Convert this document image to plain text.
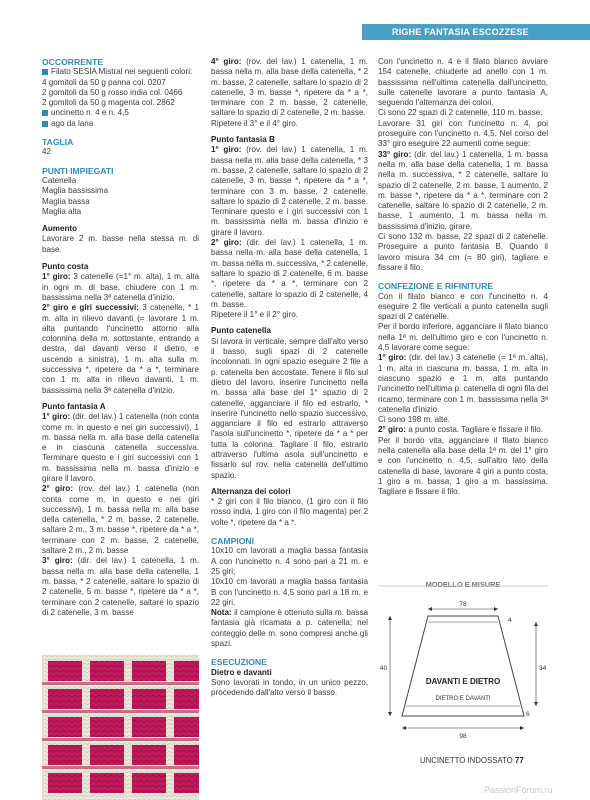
RIGHE FANTASIA ESCOZZESE
OCCORRENTE

Filato SESIA Mistral nei seguenti colori:

4 gomitoli da 50 g panna col. 0207

2 gomitoli da 50 g rosso india col. 0466

2 gomitoli da 50 g magenta col. 2862

uncinetto n. 4 e n. 4,5

ago da lana

TAGLIA

42

PUNTI IMPIEGATI

Catenella

Maglia bassissima

Maglia bassa

Maglia alta

Aumento

Lavorare 2 m. basse nella stessa m. di base.

Punto costa

1° giro: 3 catenelle (=1° m. alta), 1 m. alta in ogni m. di base, chiudere con 1 m. bassissima nella 3ª catenella d'inizio.

2° giro e giri successivi: 3 catenelle, * 1 m. alta in rilievo davanti (= lavorare 1 m. alta puntando l'uncinetto attorno alla colonnina della m. sottostante, entrando a destra, dal davanti verso il dietro, e uscendo a sinistra), 1 m. alta sulla m. successiva *, ripetere da * a *, terminare con 1 m. alta in rilievo davanti, 1 m. bassissima nella 3ª catenella d'inizio.

Punto fantasia A

1° giro: (dir. del lav.) 1 catenella (non conta come m. in questo e nei giri successivi), 1 m. bassa nella m. alla base della catenella e in ciascuna catenella successiva. Terminare questo e i giri successivi con 1 m. bassissima nella m. bassa d'inizio e girare il lavoro.

2° giro: (rov. del lav.) 1 catenella (non conta come m. in questo e nei giri successivi), 1 m. bassa nella m. alla base della catenella, * 2 m. basse, 2 catenelle, saltare 2 m., 3 m. basse *, ripetere da * a *, terminare con 2 m. basse, 2 catenelle, saltare 2 m., 2 m. basse

3° giro: (dir. del lav.) 1 catenella, 1 m. bassa nella m. alla base della catenella, 1 m. bassa, * 2 catenelle, saltare lo spazio di 2 catenelle, 5 m. basse *, ripetere da * a *, terminare con 2 catenelle, saltare lo spazio di 2 catenelle, 3 m. basse

4° giro: (rov. del lav.) 1 catenella, 1 m. bassa nella m. alla base della catenella, * 2 m. basse, 2 catenelle, saltare lo spazio di 2 catenelle, 3 m. basse *, ripetere da * a *, terminare con 2 m. basse, 2 catenelle, saltare lo spazio di 2 catenelle, 2 m. basse.

Ripetere il 3° e il 4° giro.

Punto fantasia B

1° giro: (rov. del lav.) 1 catenella, 1 m. bassa nella m. alla base della catenella, * 3 m. basse, 2 catenelle, saltare lo spazio di 2 catenelle, 3 m. basse *, ripetere da * a *, terminare con 3 m. basse, 2 catenelle, saltare lo spazio di 2 catenelle, 2 m. basse. Terminare questo e i giri successivi con 1 m. bassissima nella m. bassa d'inizio e girare il lavoro.

2° giro: (dir. del lav.) 1 catenella, 1 m. bassa nella m. alla base della catenella, 1 m. bassa nella m. successiva, * 2 catenelle, saltare lo spazio di 2 catenelle, 6 m. basse *, ripetere da * a *, terminare con 2 catenelle, saltare lo spazio di 2 catenelle, 4 m. basse.

Ripetere il 1° e il 2° giro.

Punto catenella

Si lavora in verticale, sempre dall'alto verso il basso, sugli spazi di 2 catenelle incolonnati. In ogni spazio eseguire 2 file a p. catenella ben accostate. Tenere il filo sul dietro del lavoro, inserire l'uncinetto nella m. bassa alla base del 1° spazio di 2 catenelle, agganciare il filo ed estrarlo, * inserire l'uncinetto nello spazio successivo, agganciare il filo ed estrarlo attraverso l'asola sull'uncinetto *, ripetere da * a * per tutta la colonna. Tagliare il filo, estrarlo attraverso l'ultima asola sull'uncinetto e fissarlo sul rov. nella catenella dell'ultimo spazio.

Alternanza dei colori

* 2 giri con il filo bianco, (1 giro con il filo rosso india, 1 giro con il filo magenta) per 2 volte *, ripetere da * a *.

CAMPIONI

10x10 cm lavorati a maglia bassa fantasia A con l'uncinetto n. 4 sono pari a 21 m. e 25 giri;

10x10 cm lavorati a maglia bassa fantasia B con l'uncinetto n. 4,5 sono pari a 18 m. e 22 giri.

Nota: il campione è ottenuto sulla m. bassa fantasia già ricamata a p. catenella; nel conteggio delle m. sono compresi anche gli spazi.

ESECUZIONE
Dietro e davanti

Sono lavorati in tondo, in un unico pezzo, procedendo dall'alto verso il basso.

Con l'uncinetto n. 4 e il filato bianco avviare 154 catenelle, chiuderle ad anello con 1 m. bassissima nell'ultima catenella dall'uncinetto, sulle catenelle lavorare a punto fantasia A, seguendo l'alternanza dei colori.

Ci sono 22 spazi di 2 catenelle, 110 m. basse.

Lavorare 31 giri con l'uncinetto n. 4, poi proseguire con l'uncinetto n. 4,5. Nel corso del 33° giro eseguire 22 aumenti come segue:

33° giro: (dir. del lav.) 1 catenella, 1 m. bassa nella m. alla base della catenella, 1 m. bassa nella m. successiva, * 2 catenelle, saltare lo spazio di 2 catenelle, 2 m. basse, 1 aumento, 2 m. basse *, ripetere da * a *, terminare con 2 catenelle, saltare lo spazio di 2 catenelle, 2 m. basse, 1 aumento, 1 m. bassa nella m. bassissima d'inizio, girare.

Ci sono 132 m. basse, 22 spazi di 2 catenelle. Proseguire a punto fantasia B. Quando il lavoro misura 34 cm (= 80 giri), tagliare e fissare il filo.

CONFEZIONE E RIFINITURE

Con il filato bianco e con l'uncinetto n. 4 eseguire 2 file verticali a punto catenella sugli spazi di 2 catenelle.

Per il bordo inferiore, agganciare il filato bianco nella 1ª m. dell'ultimo giro e con l'uncinetto n. 4,5 lavorare come segue:

1° giro: (dir. del lav.) 3 catenelle (= 1ª m. alta), 1 m. alta in ciascuna m. bassa, 1 m. alta in ciascuno spazio e 1 m. alta puntando l'uncinetto nell'ultima p. catenella di ogni fila del ricamo, terminare con 1 m. bassissima nella 3ª catenella d'inizio.

Ci sono 198 m. alte.

2° giro: a punto costa. Tagliare e fissare il filo.

Per il bordo vita, agganciare il filato bianco nella catenella alla base della 1ª m. del 1° giro e con l'uncinetto n. 4,5, sull'altro lato della catenella di base, lavorare 4 giri a punto costa, 1 giro a m. bassa, 1 giro a m. bassissima. Tagliare e fissare il filo.

MODELLO E MISURE
78
4
40	34
6
98
DAVANTI E DIETRO
DIETRO E DAVANTI
UNCINETTO INDOSSATO 77
PassionForum.ru
